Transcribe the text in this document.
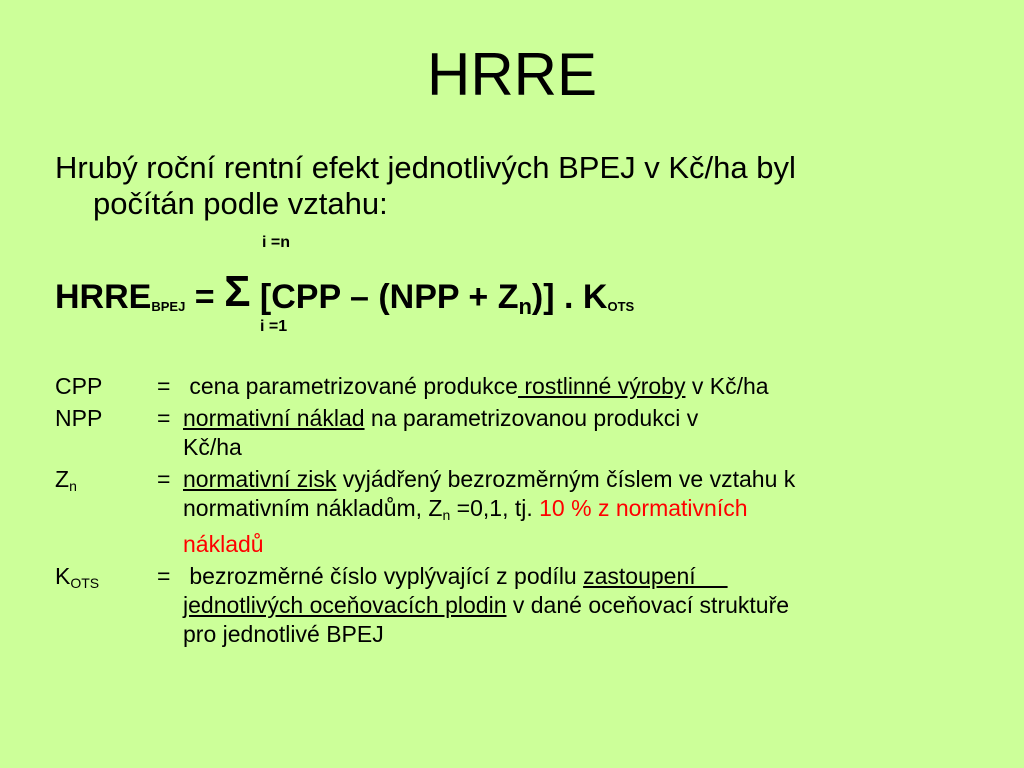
HRRE
Hrubý roční rentní efekt jednotlivých BPEJ v Kč/ha byl
počítán podle vztahu:
i =n
HRREBPEJ = Σ [CPP – (NPP + Zn)] . KOTS
i =1
CPP	= cena parametrizované produkce rostlinné výroby v Kč/ha
NPP	= normativní náklad na parametrizovanou produkci v
Kč/ha
$Z_n$	= normativní zisk vyjádřený bezrozměrným číslem ve vztahu k
normativním nákladům, Zn =0,1, tj. 10 % z normativních
nákladů
$K_{OTS}$	= bezrozměrné číslo vyplývající z podílu zastoupení
jednotlivých oceňovacích plodin v dané oceňovací struktuře
pro jednotlivé BPEJ
